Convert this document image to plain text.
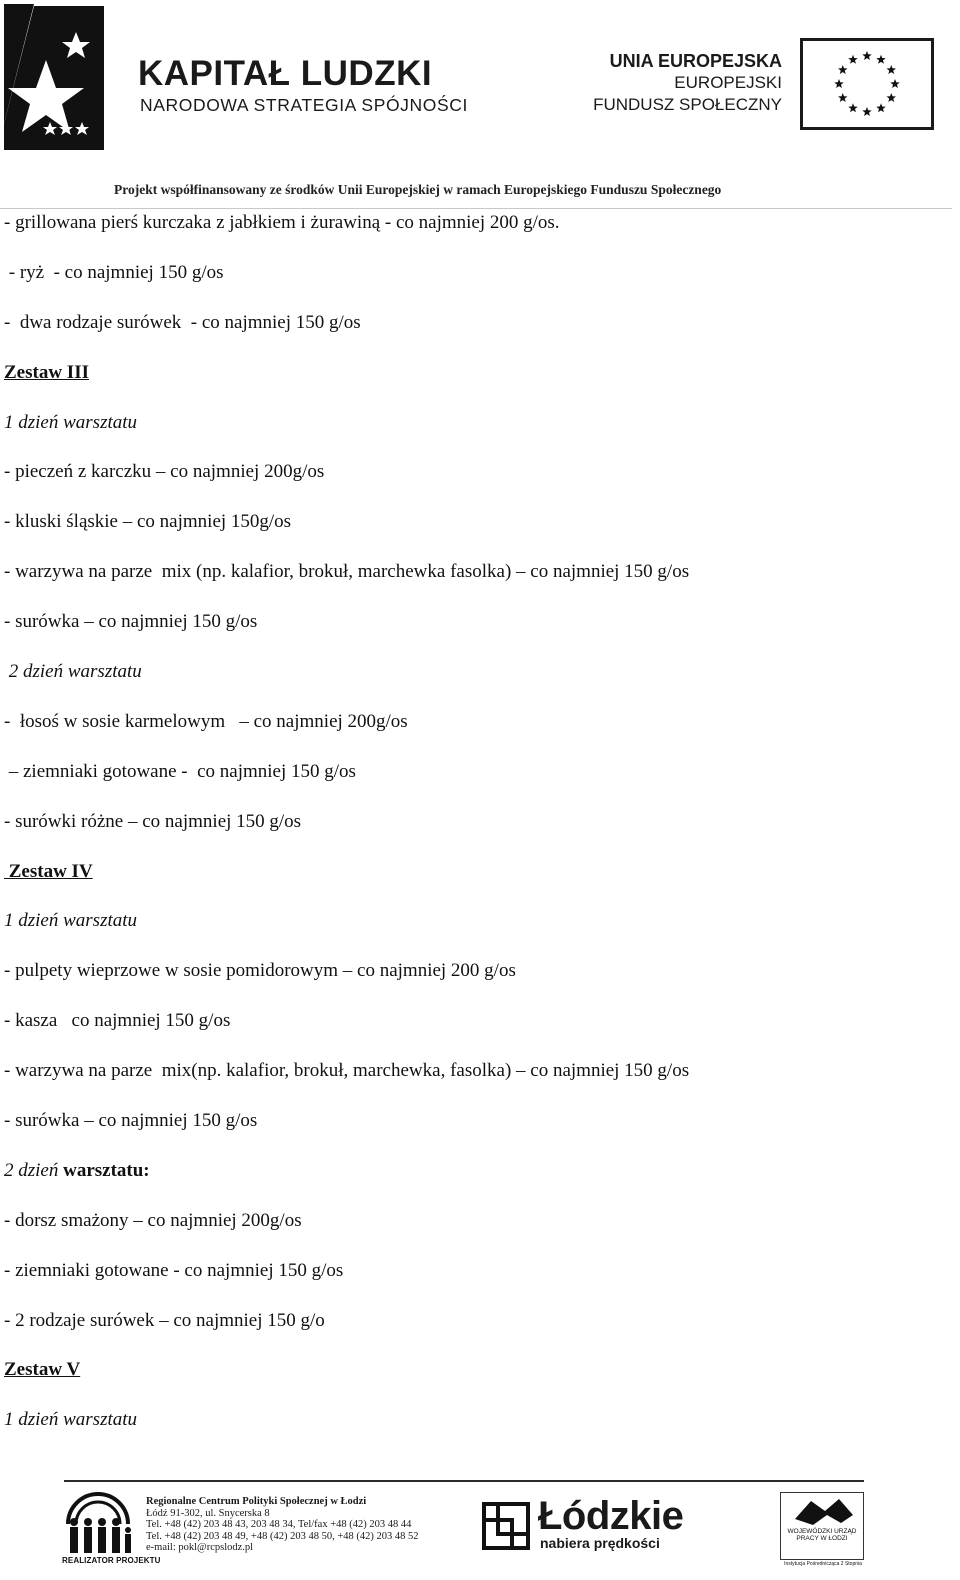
KAPITAŁ LUDZKI
NARODOWA STRATEGIA SPÓJNOŚCI
UNIA EUROPEJSKA
EUROPEJSKI
FUNDUSZ SPOŁECZNY
Projekt współfinansowany ze środków Unii Europejskiej w ramach Europejskiego Funduszu Społecznego
- grillowana pierś kurczaka z jabłkiem i żurawiną - co najmniej 200 g/os.
- ryż  - co najmniej 150 g/os
-  dwa rodzaje surówek  - co najmniej 150 g/os
Zestaw III
1 dzień warsztatu
- pieczeń z karczku – co najmniej 200g/os
- kluski śląskie – co najmniej 150g/os
- warzywa na parze  mix (np. kalafior, brokuł, marchewka fasolka) – co najmniej 150 g/os
- surówka – co najmniej 150 g/os
2 dzień warsztatu
-  łosoś w sosie karmelowym   – co najmniej 200g/os
– ziemniaki gotowane -  co najmniej 150 g/os
- surówki różne – co najmniej 150 g/os
Zestaw IV
1 dzień warsztatu
- pulpety wieprzowe w sosie pomidorowym – co najmniej 200 g/os
- kasza   co najmniej 150 g/os
- warzywa na parze  mix(np. kalafior, brokuł, marchewka, fasolka) – co najmniej 150 g/os
- surówka – co najmniej 150 g/os
2 dzień warsztatu:
- dorsz smażony – co najmniej 200g/os
- ziemniaki gotowane - co najmniej 150 g/os
- 2 rodzaje surówek – co najmniej 150 g/o
Zestaw V
1 dzień warsztatu
REALIZATOR PROJEKTU
Regionalne Centrum Polityki Społecznej w Łodzi
Łódź 91-302, ul. Snycerska 8
Tel. +48 (42) 203 48 43, 203 48 34, Tel/fax +48 (42) 203 48 44
Tel. +48 (42) 203 48 49, +48 (42) 203 48 50, +48 (42) 203 48 52
e-mail: pokl@rcpslodz.pl
Łódzkie
nabiera prędkości
WOJEWÓDZKI URZĄD PRACY W ŁODZI
Instytucja Pośrednicząca 2 Stopnia
